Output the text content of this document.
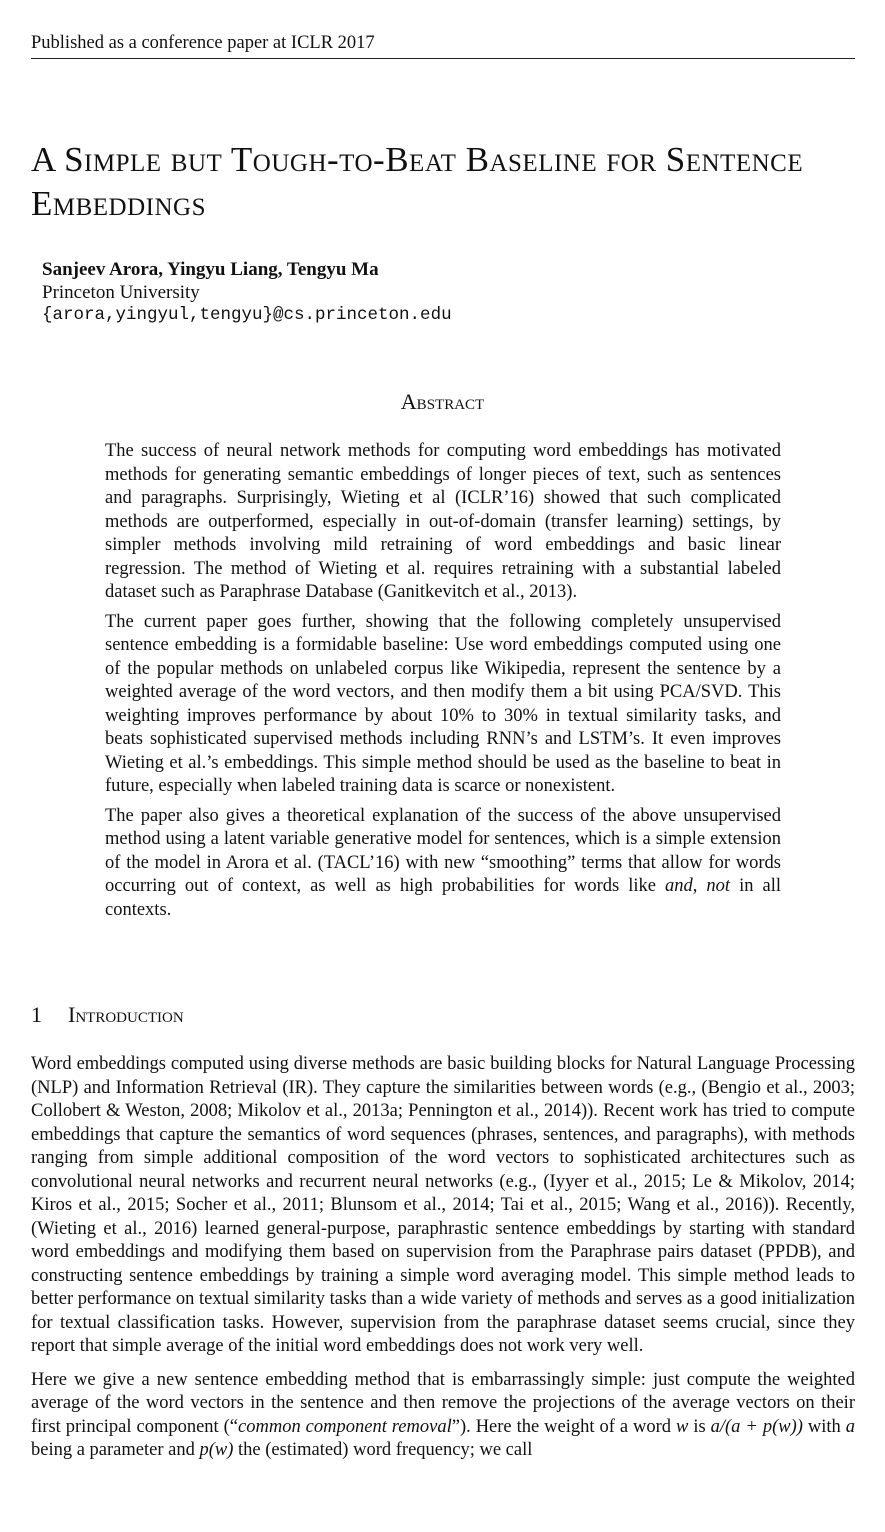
Published as a conference paper at ICLR 2017
A Simple but Tough-to-Beat Baseline for Sentence Embeddings
Sanjeev Arora, Yingyu Liang, Tengyu Ma
Princeton University
{arora,yingyul,tengyu}@cs.princeton.edu
Abstract

The success of neural network methods for computing word embeddings has motivated methods for generating semantic embeddings of longer pieces of text, such as sentences and paragraphs. Surprisingly, Wieting et al (ICLR’16) showed that such complicated methods are outperformed, especially in out-of-domain (transfer learning) settings, by simpler methods involving mild retraining of word embeddings and basic linear regression. The method of Wieting et al. requires retraining with a substantial labeled dataset such as Paraphrase Database (Ganitkevitch et al., 2013).

The current paper goes further, showing that the following completely unsupervised sentence embedding is a formidable baseline: Use word embeddings computed using one of the popular methods on unlabeled corpus like Wikipedia, represent the sentence by a weighted average of the word vectors, and then modify them a bit using PCA/SVD. This weighting improves performance by about 10% to 30% in textual similarity tasks, and beats sophisticated supervised methods including RNN’s and LSTM’s. It even improves Wieting et al.’s embeddings. This simple method should be used as the baseline to beat in future, especially when labeled training data is scarce or nonexistent.

The paper also gives a theoretical explanation of the success of the above unsupervised method using a latent variable generative model for sentences, which is a simple extension of the model in Arora et al. (TACL’16) with new “smoothing” terms that allow for words occurring out of context, as well as high probabilities for words like and, not in all contexts.

1 Introduction

Word embeddings computed using diverse methods are basic building blocks for Natural Language Processing (NLP) and Information Retrieval (IR). They capture the similarities between words (e.g., (Bengio et al., 2003; Collobert & Weston, 2008; Mikolov et al., 2013a; Pennington et al., 2014)). Recent work has tried to compute embeddings that capture the semantics of word sequences (phrases, sentences, and paragraphs), with methods ranging from simple additional composition of the word vectors to sophisticated architectures such as convolutional neural networks and recurrent neural networks (e.g., (Iyyer et al., 2015; Le & Mikolov, 2014; Kiros et al., 2015; Socher et al., 2011; Blunsom et al., 2014; Tai et al., 2015; Wang et al., 2016)). Recently, (Wieting et al., 2016) learned general-purpose, paraphrastic sentence embeddings by starting with standard word embeddings and modifying them based on supervision from the Paraphrase pairs dataset (PPDB), and constructing sentence embeddings by training a simple word averaging model. This simple method leads to better performance on textual similarity tasks than a wide variety of methods and serves as a good initialization for textual classification tasks. However, supervision from the paraphrase dataset seems crucial, since they report that simple average of the initial word embeddings does not work very well.

Here we give a new sentence embedding method that is embarrassingly simple: just compute the weighted average of the word vectors in the sentence and then remove the projections of the average vectors on their first principal component (“common component removal”). Here the weight of a word w is a/(a + p(w)) with a being a parameter and p(w) the (estimated) word frequency; we call
